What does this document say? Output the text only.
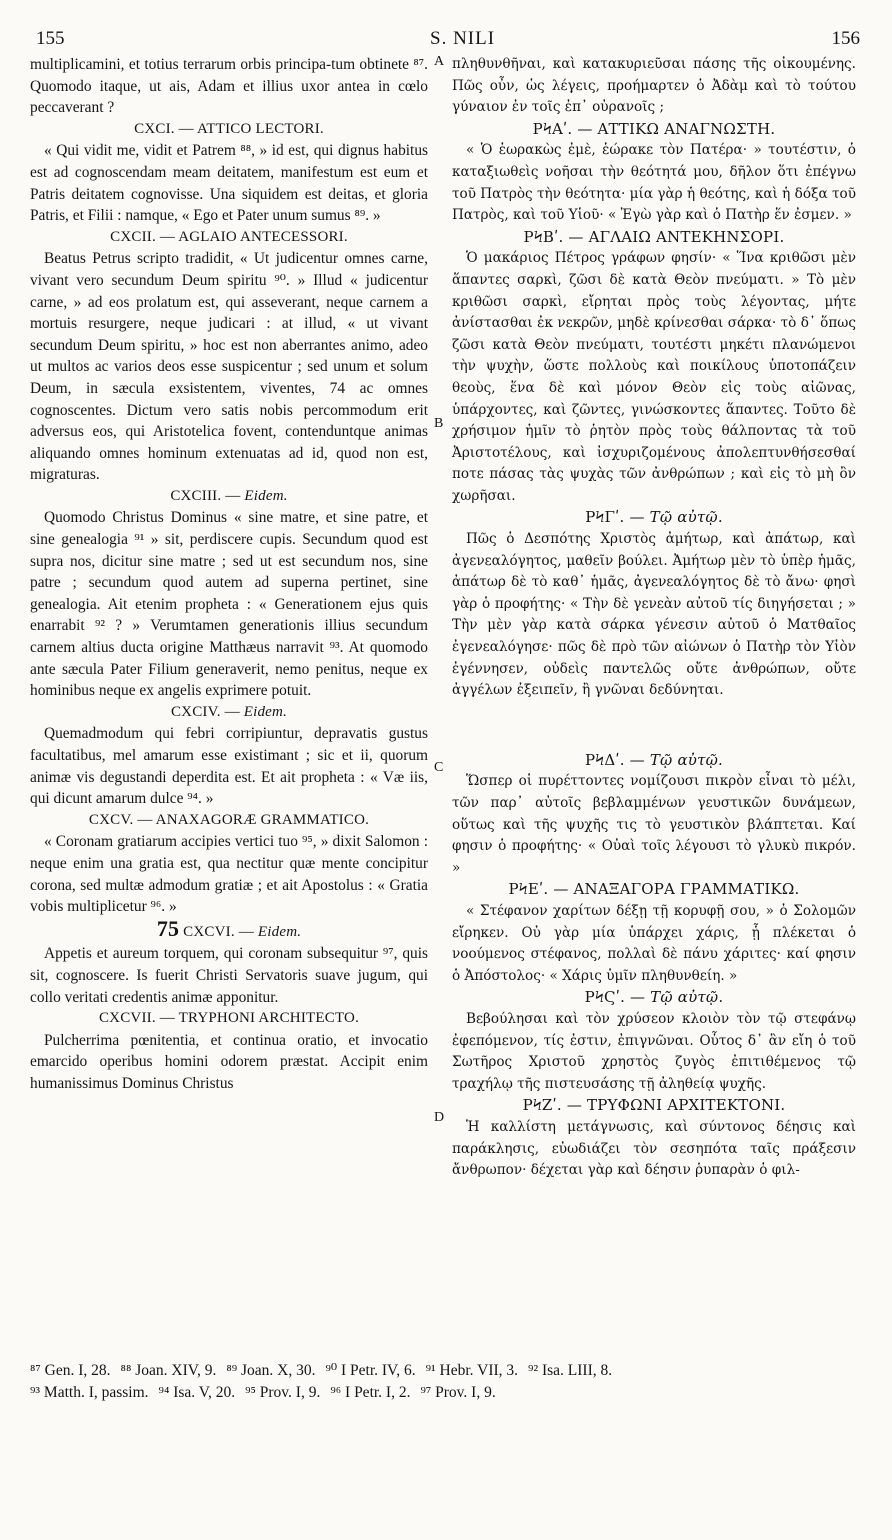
155	S. NILI	156

multiplicamini, et totius terrarum orbis principa-tum obtinete ⁸⁷. Quomodo itaque, ut ais, Adam et illius uxor antea in cœlo peccaverant ?

CXCI. — ATTICO LECTORI.

« Qui vidit me, vidit et Patrem ⁸⁸, » id est, qui dignus habitus est ad cognoscendam meam deitatem, manifestum est eum et Patris deitatem cognovisse. Una siquidem est deitas, et gloria Patris, et Filii : namque, « Ego et Pater unum sumus ⁸⁹. »

CXCII. — AGLAIO ANTECESSORI.

Beatus Petrus scripto tradidit, « Ut judicentur omnes carne, vivant vero secundum Deum spiritu ⁹⁰. » Illud « judicentur carne, » ad eos prolatum est, qui asseverant, neque carnem a mortuis resurgere, neque judicari : at illud, « ut vivant secundum Deum spiritu, » hoc est non aberrantes animo, adeo ut multos ac varios deos esse suspicentur ; sed unum et solum Deum, in sæcula exsistentem, viventes, 74 ac omnes cognoscentes. Dictum vero satis nobis percommodum erit adversus eos, qui Aristotelica fovent, contenduntque animas aliquando omnes hominum extenuatas ad id, quod non est, migraturas.

CXCIII. — Eidem.

Quomodo Christus Dominus « sine matre, et sine patre, et sine genealogia ⁹¹ » sit, perdiscere cupis. Secundum quod est supra nos, dicitur sine matre ; sed ut est secundum nos, sine patre ; secundum quod autem ad superna pertinet, sine genealogia. Ait etenim propheta : « Generationem ejus quis enarrabit ⁹² ? » Verumtamen generationis illius secundum carnem altius ducta origine Matthæus narravit ⁹³. At quomodo ante sæcula Pater Filium generaverit, nemo penitus, neque ex hominibus neque ex angelis exprimere potuit.

CXCIV. — Eidem.

Quemadmodum qui febri corripiuntur, depravatis gustus facultatibus, mel amarum esse existimant ; sic et ii, quorum animæ vis degustandi deperdita est. Et ait propheta : « Væ iis, qui dicunt amarum dulce ⁹⁴. »

CXCV. — ANAXAGORÆ GRAMMATICO.

« Coronam gratiarum accipies vertici tuo ⁹⁵, » dixit Salomon : neque enim una gratia est, qua nectitur quæ mente concipitur corona, sed multæ admodum gratiæ ; et ait Apostolus : « Gratia vobis multiplicetur ⁹⁶. »

75 CXCVI. — Eidem.

Appetis et aureum torquem, qui coronam subsequitur ⁹⁷, quis sit, cognoscere. Is fuerit Christi Servatoris suave jugum, qui collo veritati credentis animæ apponitur.

CXCVII. — TRYPHONI ARCHITECTO.

Pulcherrima pœnitentia, et continua oratio, et invocatio emarcido operibus homini odorem præstat. Accipit enim humanissimus Dominus Christus

A
B
C
D

πληθυνθῆναι, καὶ κατακυριεῦσαι πάσης τῆς οἰκουμένης. Πῶς οὖν, ὡς λέγεις, προήμαρτεν ὁ Ἀδὰμ καὶ τὸ τούτου γύναιον ἐν τοῖς ἐπ᾽ οὐρανοῖς ;

ΡϞΑʹ. — ΑΤΤΙΚΩ ΑΝΑΓΝΩΣΤΗ.

« Ὁ ἑωρακὼς ἐμὲ, ἑώρακε τὸν Πατέρα· » τουτέστιν, ὁ καταξιωθεὶς νοῆσαι τὴν θεότητά μου, δῆλον ὅτι ἐπέγνω τοῦ Πατρὸς τὴν θεότητα· μία γὰρ ἡ θεότης, καὶ ἡ δόξα τοῦ Πατρὸς, καὶ τοῦ Υἱοῦ· « Ἐγὼ γὰρ καὶ ὁ Πατὴρ ἕν ἐσμεν. »

ΡϞΒʹ. — ΑΓΛΑΙΩ ΑΝΤΕΚΗΝΣΟΡΙ.

Ὁ μακάριος Πέτρος γράφων φησίν· « Ἵνα κριθῶσι μὲν ἅπαντες σαρκὶ, ζῶσι δὲ κατὰ Θεὸν πνεύματι. » Τὸ μὲν κριθῶσι σαρκὶ, εἴρηται πρὸς τοὺς λέγοντας, μήτε ἀνίστασθαι ἐκ νεκρῶν, μηδὲ κρίνεσθαι σάρκα· τὸ δ᾽ ὅπως ζῶσι κατὰ Θεὸν πνεύματι, τουτέστι μηκέτι πλανώμενοι τὴν ψυχὴν, ὥστε πολλοὺς καὶ ποικίλους ὑποτοπάζειν θεοὺς, ἕνα δὲ καὶ μόνον Θεὸν εἰς τοὺς αἰῶνας, ὑπάρχοντες, καὶ ζῶντες, γινώσκοντες ἅπαντες. Τοῦτο δὲ χρήσιμον ἡμῖν τὸ ῥητὸν πρὸς τοὺς θάλποντας τὰ τοῦ Ἀριστοτέλους, καὶ ἰσχυριζομένους ἀπολεπτυνθήσεσθαί ποτε πάσας τὰς ψυχὰς τῶν ἀνθρώπων ; καὶ εἰς τὸ μὴ ὂν χωρῆσαι.

ΡϞΓʹ. — Τῷ αὐτῷ.

Πῶς ὁ Δεσπότης Χριστὸς ἀμήτωρ, καὶ ἀπάτωρ, καὶ ἀγενεαλόγητος, μαθεῖν βούλει. Ἀμήτωρ μὲν τὸ ὑπὲρ ἡμᾶς, ἀπάτωρ δὲ τὸ καθ᾽ ἡμᾶς, ἀγενεαλόγητος δὲ τὸ ἄνω· φησὶ γὰρ ὁ προφήτης· « Τὴν δὲ γενεὰν αὐτοῦ τίς διηγήσεται ; » Τὴν μὲν γὰρ κατὰ σάρκα γένεσιν αὐτοῦ ὁ Ματθαῖος ἐγενεαλόγησε· πῶς δὲ πρὸ τῶν αἰώνων ὁ Πατὴρ τὸν Υἱὸν ἐγέννησεν, οὐδεὶς παντελῶς οὔτε ἀνθρώπων, οὔτε ἀγγέλων ἐξειπεῖν, ἢ γνῶναι δεδύνηται.

ΡϞΔʹ. — Τῷ αὐτῷ.

Ὥσπερ οἱ πυρέττοντες νομίζουσι πικρὸν εἶναι τὸ μέλι, τῶν παρ᾽ αὐτοῖς βεβλαμμένων γευστικῶν δυνάμεων, οὕτως καὶ τῆς ψυχῆς τις τὸ γευστικὸν βλάπτεται. Καί φησιν ὁ προφήτης· « Οὐαὶ τοῖς λέγουσι τὸ γλυκὺ πικρόν. »

ΡϞΕʹ. — ΑΝΑΞΑΓΟΡΑ ΓΡΑΜΜΑΤΙΚΩ.

« Στέφανον χαρίτων δέξῃ τῇ κορυφῇ σου, » ὁ Σολομῶν εἴρηκεν. Οὐ γὰρ μία ὑπάρχει χάρις, ᾗ πλέκεται ὁ νοούμενος στέφανος, πολλαὶ δὲ πάνυ χάριτες· καί φησιν ὁ Ἀπόστολος· « Χάρις ὑμῖν πληθυνθείη. »

ΡϞϚʹ. — Τῷ αὐτῷ.

Βεβούλησαι καὶ τὸν χρύσεον κλοιὸν τὸν τῷ στεφάνῳ ἐφεπόμενον, τίς ἐστιν, ἐπιγνῶναι. Οὗτος δ᾽ ἂν εἴη ὁ τοῦ Σωτῆρος Χριστοῦ χρηστὸς ζυγὸς ἐπιτιθέμενος τῷ τραχήλῳ τῆς πιστευσάσης τῇ ἀληθείᾳ ψυχῆς.

ΡϞΖʹ. — ΤΡΥΦΩΝΙ ΑΡΧΙΤΕΚΤΟΝΙ.

Ἡ καλλίστη μετάγνωσις, καὶ σύντονος δέησις καὶ παράκλησις, εὐωδιάζει τὸν σεσηπότα ταῖς πράξεσιν ἄνθρωπον· δέχεται γὰρ καὶ δέησιν ῥυπαρὰν ὁ φιλ-

⁸⁷ Gen. I, 28. ⁸⁸ Joan. XIV, 9. ⁸⁹ Joan. X, 30. ⁹⁰ I Petr. IV, 6. ⁹¹ Hebr. VII, 3. ⁹² Isa. LIII, 8.
⁹³ Matth. I, passim. ⁹⁴ Isa. V, 20. ⁹⁵ Prov. I, 9. ⁹⁶ I Petr. I, 2. ⁹⁷ Prov. I, 9.
